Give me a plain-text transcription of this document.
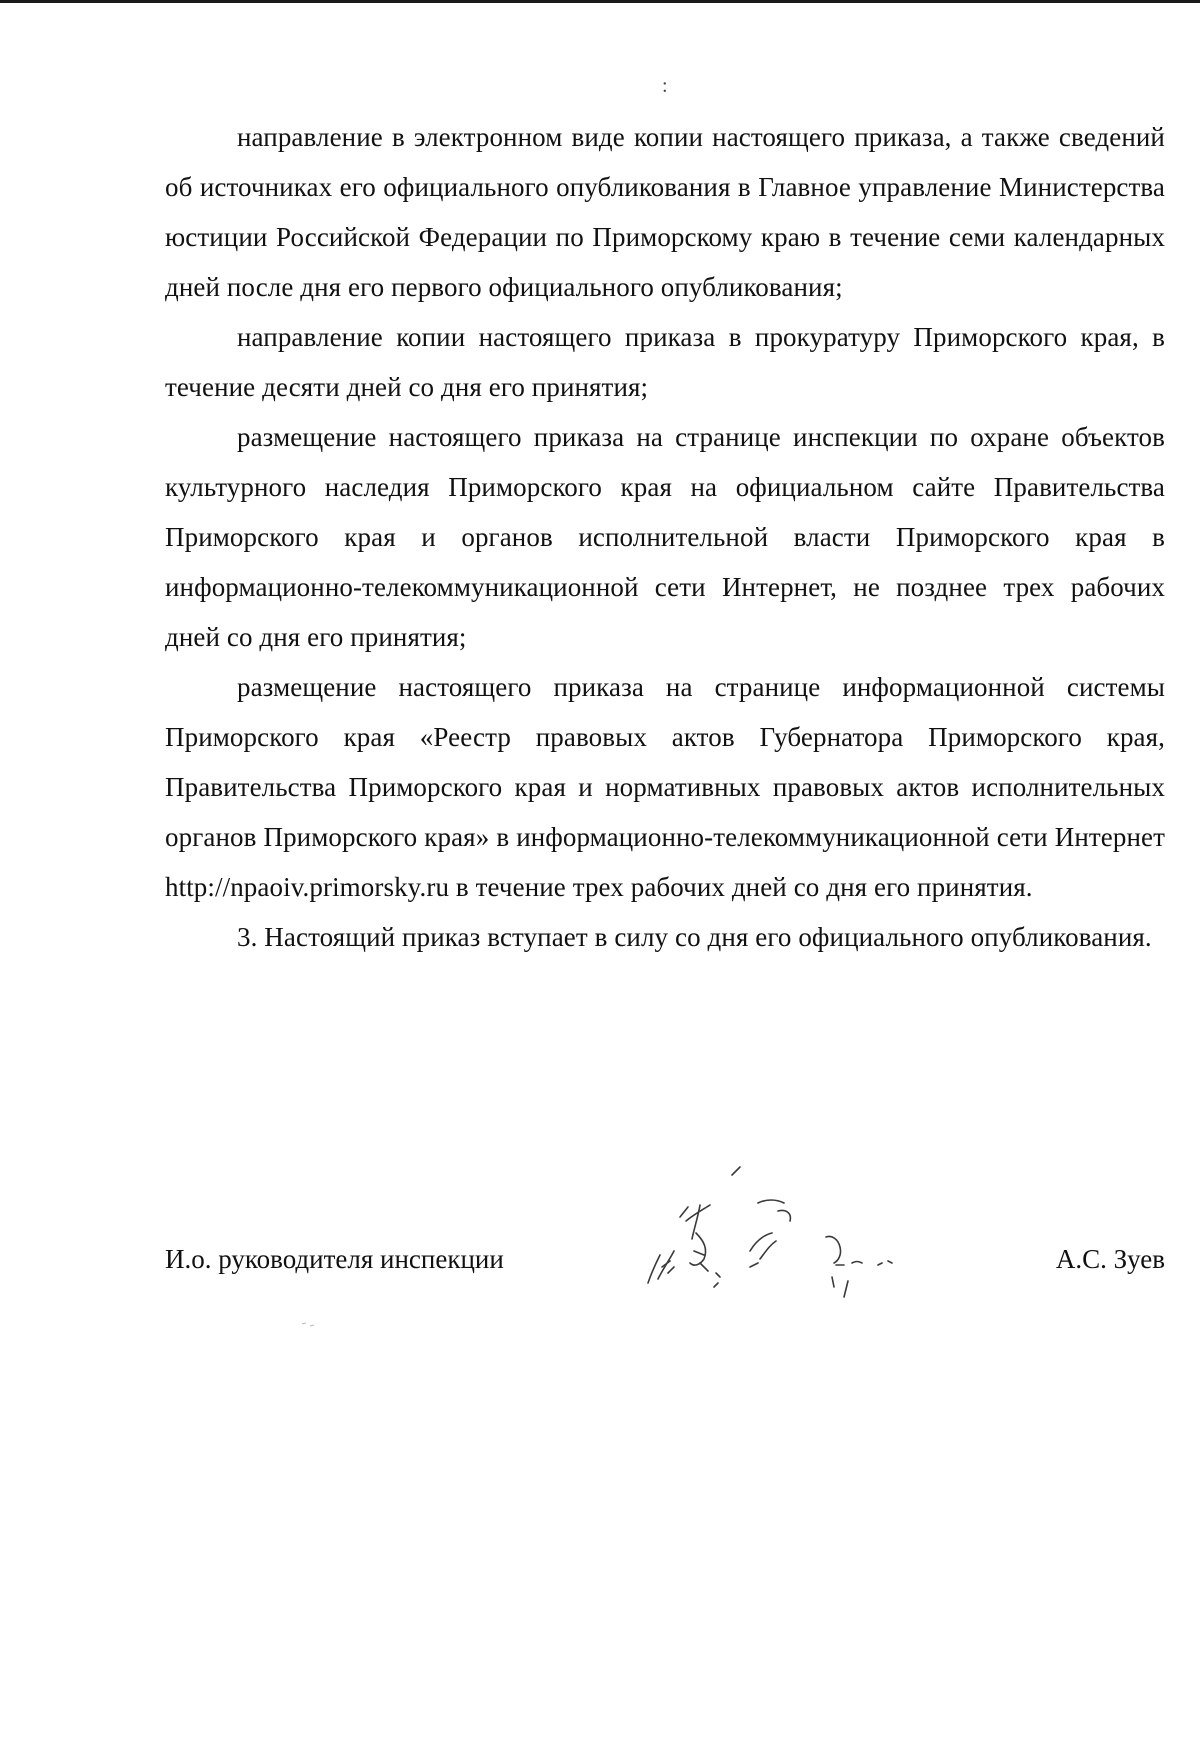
:

направление в электронном виде копии настоящего приказа, а также сведений об источниках его официального опубликования в Главное управление Министерства юстиции Российской Федерации по Приморскому краю в течение семи календарных дней после дня его первого официального опубликования;

направление копии настоящего приказа в прокуратуру Приморского края, в течение десяти дней со дня его принятия;

размещение настоящего приказа на странице инспекции по охране объектов культурного наследия Приморского края на официальном сайте Правительства Приморского края и органов исполнительной власти Приморского края в информационно-телекоммуникационной сети Интернет, не позднее трех рабочих дней со дня его принятия;

размещение настоящего приказа на странице информационной системы Приморского края «Реестр правовых актов Губернатора Приморского края, Правительства Приморского края и нормативных правовых актов исполнительных органов Приморского края» в информационно-телекоммуникационной сети Интернет http://npaoiv.primorsky.ru в течение трех рабочих дней со дня его принятия.

3. Настоящий приказ вступает в силу со дня его официального опубликования.

И.о. руководителя инспекции	А.С. Зуев
